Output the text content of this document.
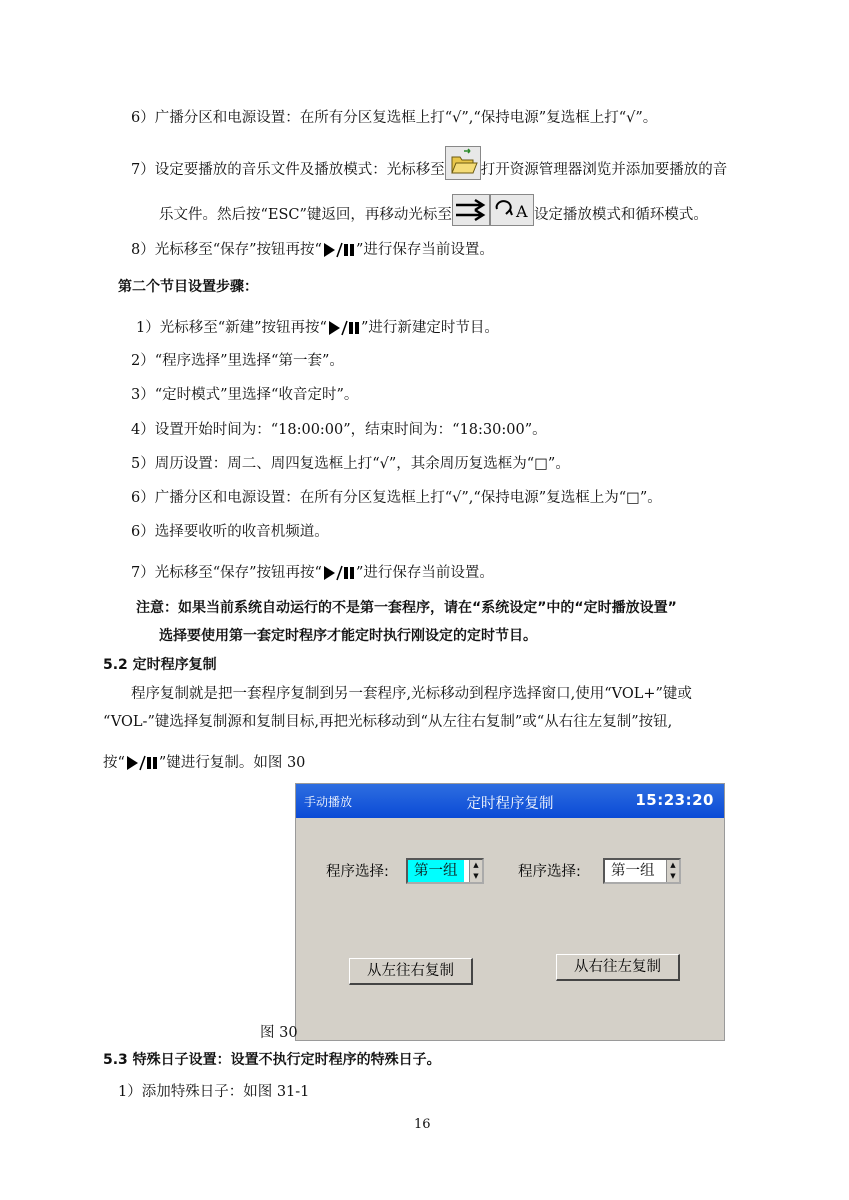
6）广播分区和电源设置：在所有分区复选框上打“√”,“保持电源”复选框上打“√”。
7）设定要播放的音乐文件及播放模式：光标移至 打开资源管理器浏览并添加要播放的音
乐文件。然后按“ESC”键返回，再移动光标至	A 设定播放模式和循环模式。
8）光标移至“保存”按钮再按“ ”进行保存当前设置。
第二个节目设置步骤：
1）光标移至“新建”按钮再按“ ”进行新建定时节目。
2）“程序选择”里选择“第一套”。
3）“定时模式”里选择“收音定时”。
4）设置开始时间为：“18:00:00”，结束时间为：“18:30:00”。
5）周历设置：周二、周四复选框上打“√”，其余周历复选框为“□”。
6）广播分区和电源设置：在所有分区复选框上打“√”,“保持电源”复选框上为“□”。
6）选择要收听的收音机频道。
7）光标移至“保存”按钮再按“ ”进行保存当前设置。
注意：如果当前系统自动运行的不是第一套程序，请在“系统设定”中的“定时播放设置”
选择要使用第一套定时程序才能定时执行刚设定的定时节目。
5.2 定时程序复制
程序复制就是把一套程序复制到另一套程序,光标移动到程序选择窗口,使用“VOL+”键或
“VOL-”键选择复制源和复制目标,再把光标移动到“从左往右复制”或“从右往左复制”按钮,
按“ ”键进行复制。如图 30
手动播放	定时程序复制	15:23:20
程序选择:	第一组	▲
▼	程序选择:	第一组	▲
▼
从左往右复制	从右往左复制
图 30
5.3 特殊日子设置：设置不执行定时程序的特殊日子。
1）添加特殊日子：如图 31-1
16
